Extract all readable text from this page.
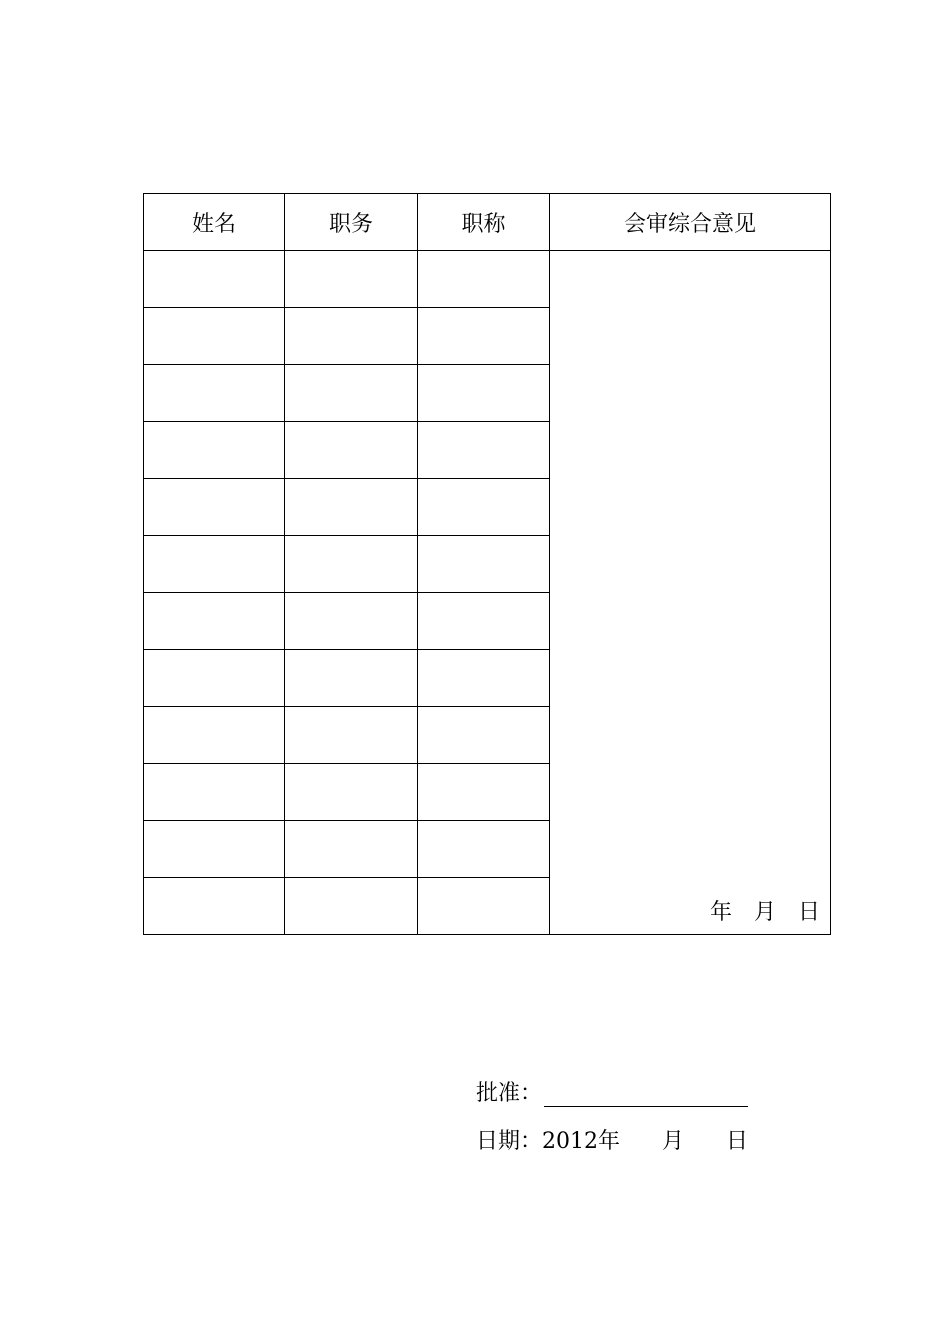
姓名	职务	职称	会审综合意见

			年 月 日

批准：
日期：2012年 月 日
